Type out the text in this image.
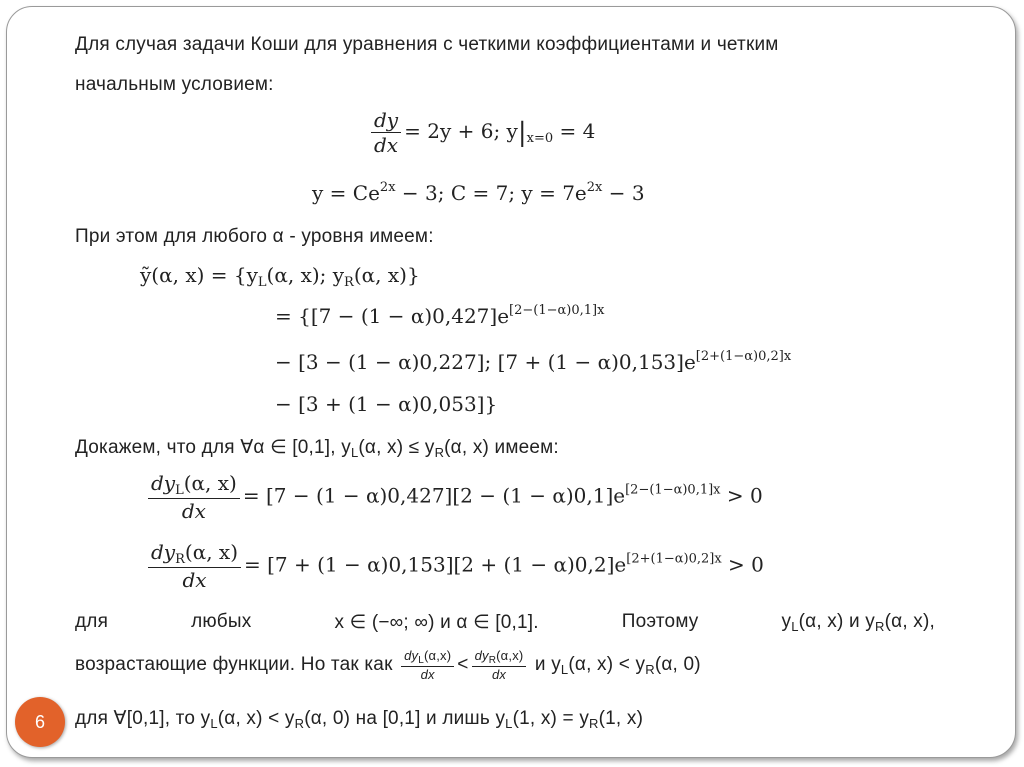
Для случая задачи Коши для уравнения с четкими коэффициентами и четким
начальным условием:
$\frac{dy}{dx} = 2y + 6$; $y|_{x=0} = 4$
$y = Ce^{2x} - 3$; C = 7; $y = 7e^{2x} - 3$
При этом для любого α - уровня имеем:
ỹ(α, $x) = \{y_L(\alpha$, x); $y_R(\alpha$, x)}
= {$[7 - (1 - \alpha)0,427]e^{[2-(1-\alpha)0,1]x}$
− [3 − (1 − α)0,227]; $[7 + (1 - \alpha)0,153]e^{[2+(1-\alpha)0,2]x}$
− [3 + (1 − α)0,053]}
Докажем, что для ∀α ∈ [0,1], $y_L(\alpha$, $x) \le y_R(\alpha$, x) имеем:
$\frac{dy_L(\alpha, x)}{dx} = [7 - (1 - \alpha)0,427][2 - (1 - \alpha)0,1]e^{[2-(1-\alpha)0,1]x} > 0$
$\frac{dy_R(\alpha, x)}{dx} = [7 + (1 - \alpha)0,153][2 + (1 - \alpha)0,2]e^{[2+(1-\alpha)0,2]x} > 0$
для	любых	x ∈ (−∞; ∞) и α ∈ [0,1].	Поэтому	$y_L(\alpha$, x) и $y_R(\alpha$, x),
возрастающие функции. Но так как $\frac{dy_L(\alpha,x)}{dx} < \frac{dy_R(\alpha,x)}{dx}$ и $y_L(\alpha$, $x) < y_R(\alpha$, 0)
для ∀[0,1], то $y_L(\alpha$, $x) < y_R(\alpha$, 0) на [0,1] и лишь $y_L(1$, $x) = y_R(1$, x)
6
